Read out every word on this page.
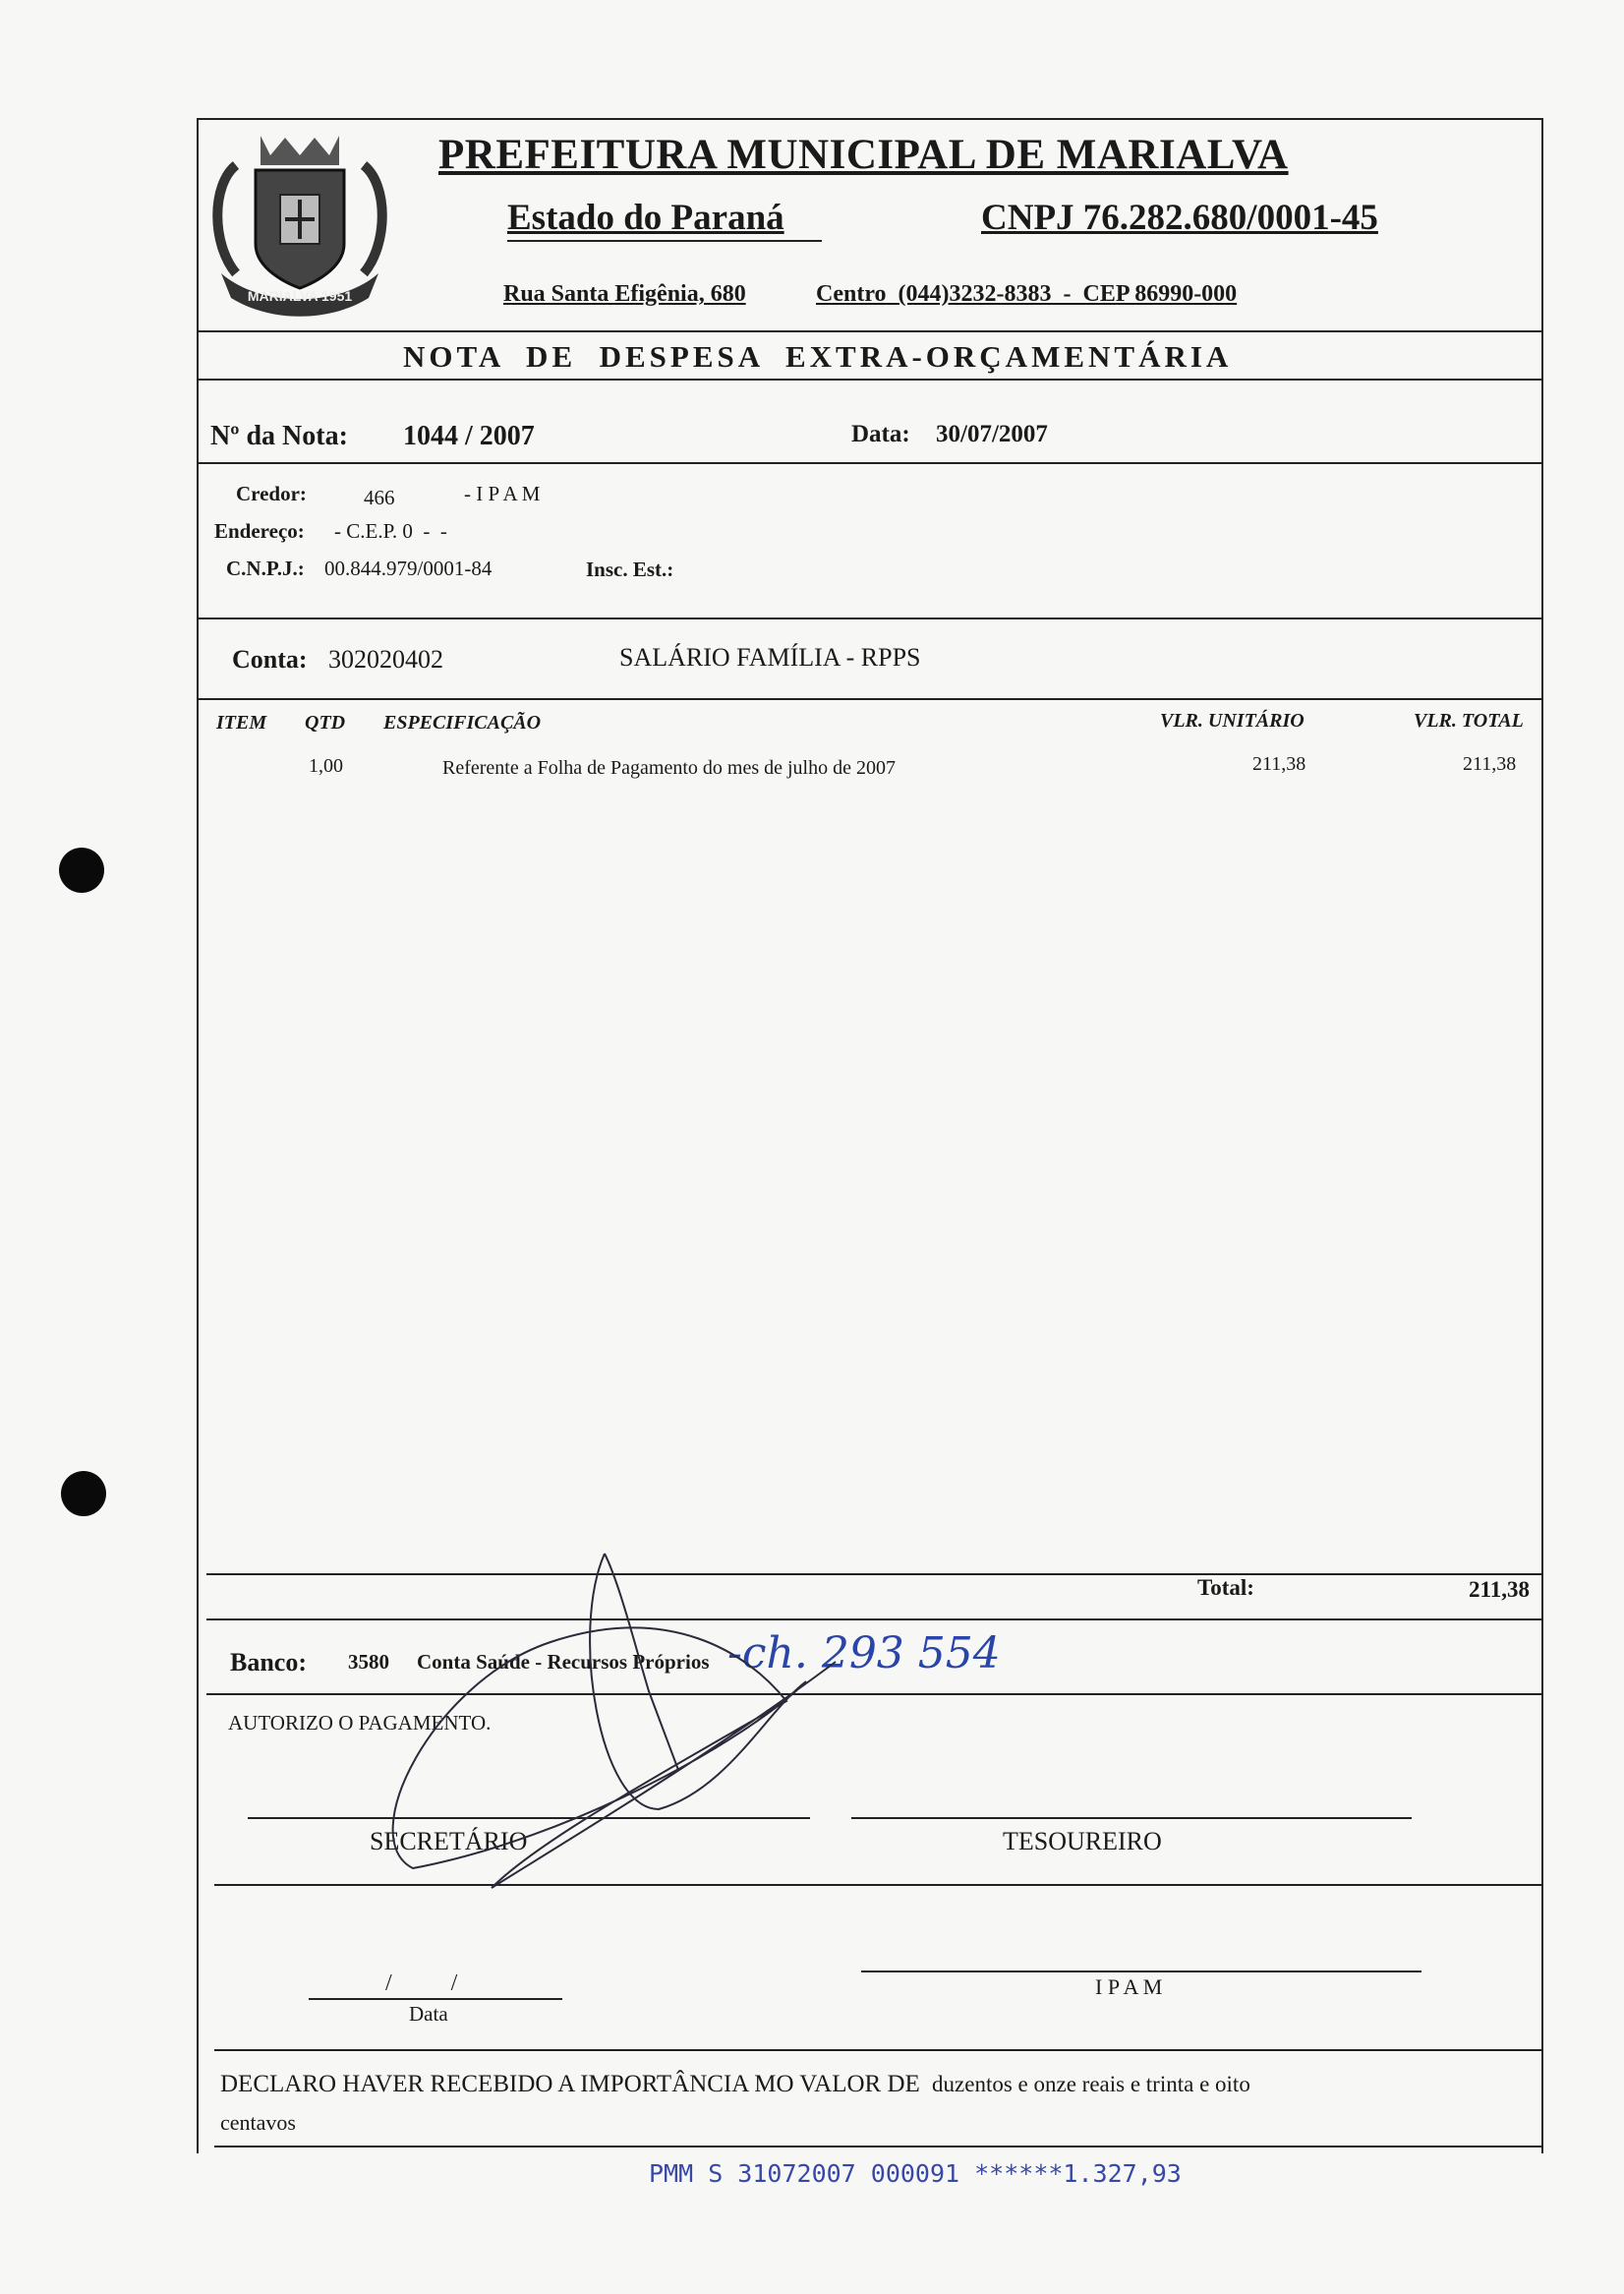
MARIALVA 1951
PREFEITURA MUNICIPAL DE MARIALVA
Estado do Paraná	CNPJ 76.282.680/0001-45
Rua Santa Efigênia, 680	Centro  (044)3232-8383  -  CEP 86990-000
NOTA  DE  DESPESA  EXTRA-ORÇAMENTÁRIA
Nº da Nota: 1044 / 2007	Data: 30/07/2007
Credor:	466	- I P A M
Endereço: - C.E.P. 0  -  -
C.N.P.J.: 00.844.979/0001-84	Insc. Est.:
Conta: 302020402	SALÁRIO FAMÍLIA - RPPS
ITEM QTD ESPECIFICAÇÃO	VLR. UNITÁRIO	VLR. TOTAL
1,00	Referente a Folha de Pagamento do mes de julho de 2007	211,38	211,38
Total:	211,38
Banco: 3580 Conta Saúde - Recursos Próprios -ch. 293 554
AUTORIZO O PAGAMENTO.
SECRETÁRIO	TESOUREIRO
/          /
Data
I P A M
DECLARO HAVER RECEBIDO A IMPORTÂNCIA MO VALOR DE duzentos e onze reais e trinta e oito
centavos
PMM S 31072007 000091 ******1.327,93
